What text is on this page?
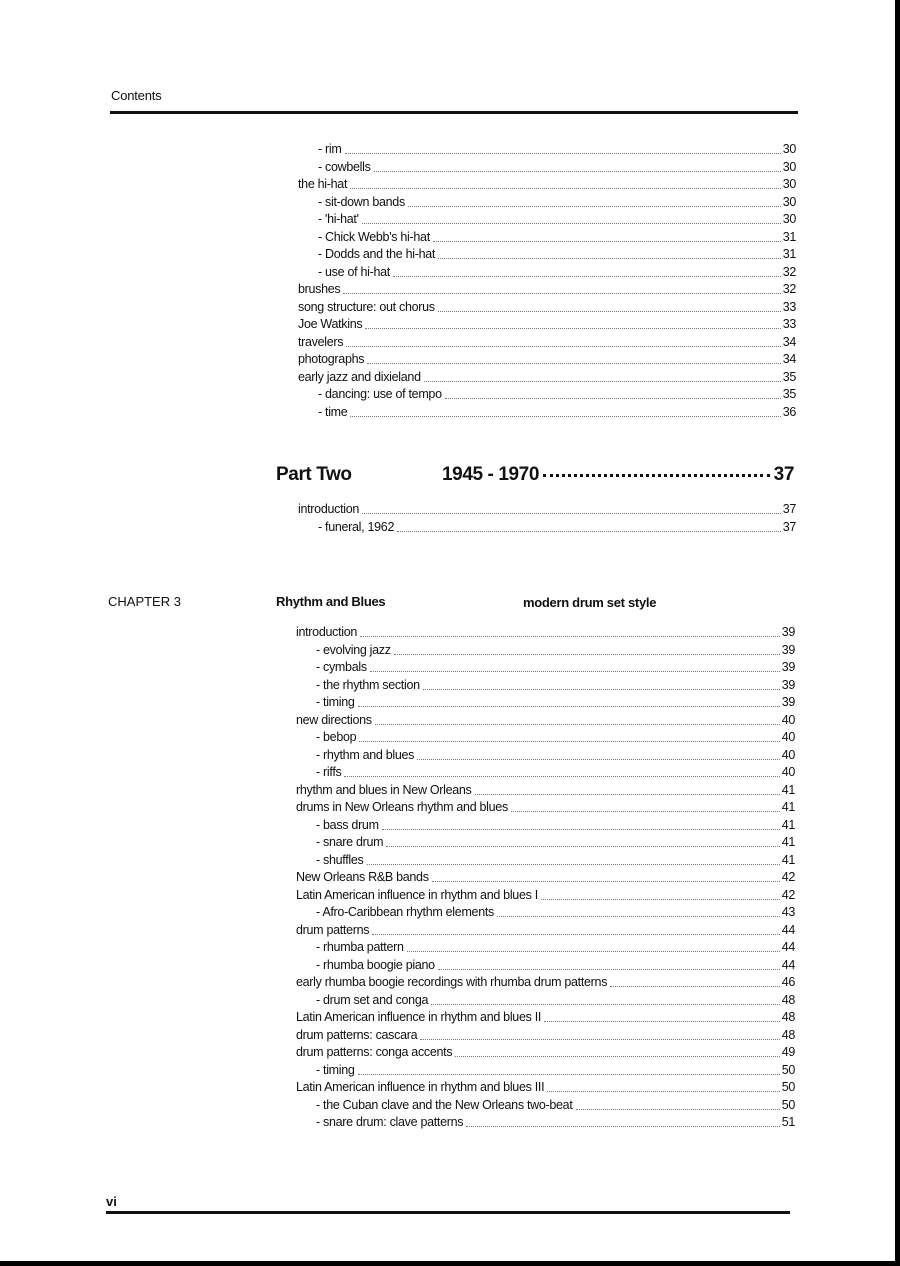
Contents
- rim	30
- cowbells	30
the hi-hat	30
- sit-down bands	30
- 'hi-hat'	30
- Chick Webb's hi-hat	31
- Dodds and the hi-hat	31
- use of hi-hat	32
brushes	32
song structure: out chorus	33
Joe Watkins	33
travelers	34
photographs	34
early jazz and dixieland	35
- dancing: use of tempo	35
- time	36
Part Two	1945 - 1970	37
introduction	37
- funeral, 1962	37
CHAPTER 3	Rhythm and Blues	modern drum set style
introduction	39
- evolving jazz	39
- cymbals	39
- the rhythm section	39
- timing	39
new directions	40
- bebop	40
- rhythm and blues	40
- riffs	40
rhythm and blues in New Orleans	41
drums in New Orleans rhythm and blues	41
- bass drum	41
- snare drum	41
- shuffles	41
New Orleans R&B bands	42
Latin American influence in rhythm and blues I	42
- Afro-Caribbean rhythm elements	43
drum patterns	44
- rhumba pattern	44
- rhumba boogie piano	44
early rhumba boogie recordings with rhumba drum patterns	46
- drum set and conga	48
Latin American influence in rhythm and blues II	48
drum patterns: cascara	48
drum patterns: conga accents	49
- timing	50
Latin American influence in rhythm and blues III	50
- the Cuban clave and the New Orleans two-beat	50
- snare drum: clave patterns	51
vi
